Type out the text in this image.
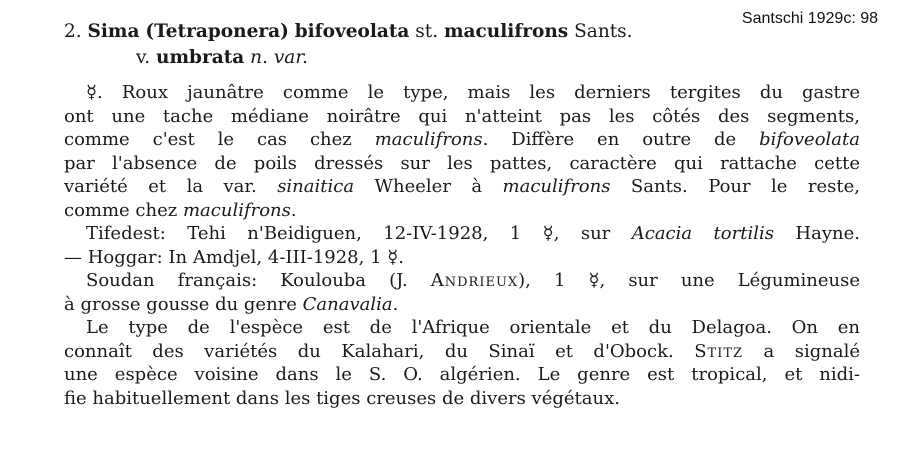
Santschi 1929c: 98
2. Sima (Tetraponera) bifoveolata st. maculifrons Sants.
v. umbrata n. var.
☿. Roux jaunâtre comme le type, mais les derniers tergites du gastre
ont une tache médiane noirâtre qui n'atteint pas les côtés des segments,
comme c'est le cas chez maculifrons. Diffère en outre de bifoveolata
par l'absence de poils dressés sur les pattes, caractère qui rattache cette
variété et la var. sinaitica Wheeler à maculifrons Sants. Pour le reste,
comme chez maculifrons.
Tifedest: Tehi n'Beidiguen, 12-IV-1928, 1 ☿, sur Acacia tortilis Hayne.
— Hoggar: In Amdjel, 4-III-1928, 1 ☿.
Soudan français: Koulouba (J. Andrieux), 1 ☿, sur une Légumineuse
à grosse gousse du genre Canavalia.
Le type de l'espèce est de l'Afrique orientale et du Delagoa. On en
connaît des variétés du Kalahari, du Sinaï et d'Obock. Stitz a signalé
une espèce voisine dans le S. O. algérien. Le genre est tropical, et nidi-
fie habituellement dans les tiges creuses de divers végétaux.
